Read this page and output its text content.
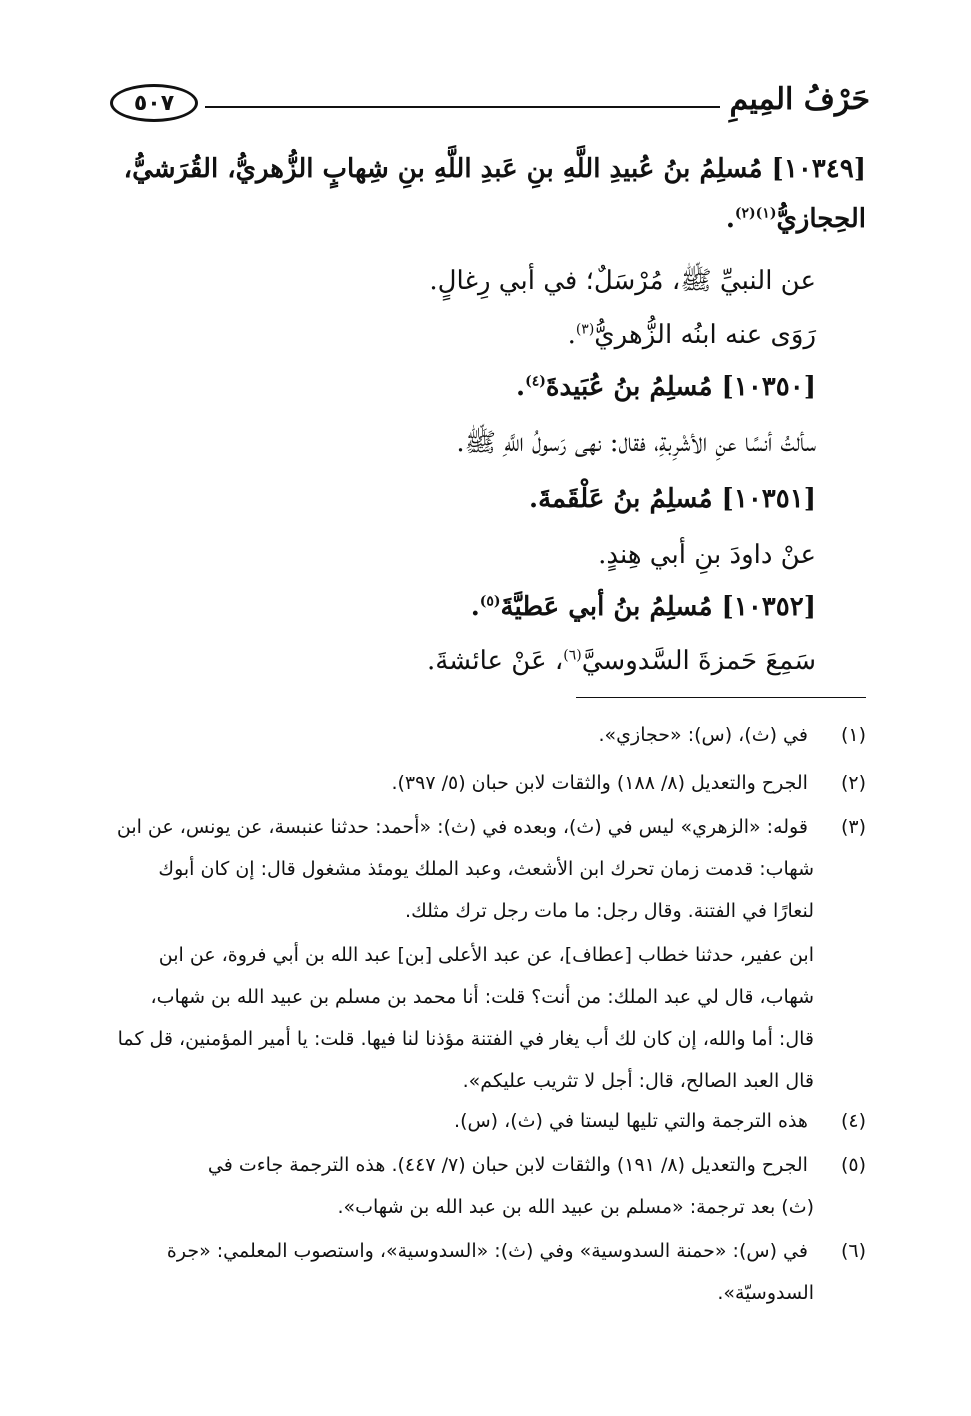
حَرْفُ المِيمِ
٥٠٧
[١٠٣٤٩] مُسلِمُ بنُ عُبيدِ اللَّهِ بنِ عَبدِ اللَّهِ بنِ شِهابٍ الزُّهريُّ، القُرَشيُّ،
الحِجازيُّ$^{(١)(٢)}$.
عن النبيِّ ﷺ، مُرْسَلٌ؛ في أبي رِغالٍ.
رَوَى عنه ابنُه الزُّهريُّ$^{(٣)}$.
[١٠٣٥٠] مُسلِمُ بنُ عُبَيدةَ$^{(٤)}$.
سألتُ أنسًا عنِ الأشْرِبةِ، فقال: نهى رَسولُ اللَّهِ ﷺ.
[١٠٣٥١] مُسلِمُ بنُ عَلْقَمةَ.
عنْ داودَ بنِ أبي هِندٍ.
[١٠٣٥٢] مُسلِمُ بنُ أبي عَطيَّةَ$^{(٥)}$.
سَمِعَ حَمزةَ السَّدوسيَّ$^{(٦)}$، عَنْ عائشةَ.
(١) في (ث)، (س): «حجازي».
(٢) الجرح والتعديل (٨/ ١٨٨) والثقات لابن حبان (٥/ ٣٩٧).
(٣) قوله: «الزهري» ليس في (ث)، وبعده في (ث): «أحمد: حدثنا عنبسة، عن يونس، عن ابن
شهاب: قدمت زمان تحرك ابن الأشعث، وعبد الملك يومئذ مشغول قال: إن كان أبوك
لنعارًا في الفتنة. وقال رجل: ما مات رجل ترك مثلك.
ابن عفير، حدثنا خطاب [عطاف]، عن عبد الأعلى [بن] عبد الله بن أبي فروة، عن ابن
شهاب، قال لي عبد الملك: من أنت؟ قلت: أنا محمد بن مسلم بن عبيد الله بن شهاب،
قال: أما والله، إن كان لك أب يغار في الفتنة مؤذنا لنا فيها. قلت: يا أمير المؤمنين، قل كما
قال العبد الصالح، قال: أجل لا تثريب عليكم».
(٤) هذه الترجمة والتي تليها ليستا في (ث)، (س).
(٥) الجرح والتعديل (٨/ ١٩١) والثقات لابن حبان (٧/ ٤٤٧). هذه الترجمة جاءت في
(ث) بعد ترجمة: «مسلم بن عبيد الله بن عبد الله بن شهاب».
(٦) في (س): «حمنة السدوسية» وفي (ث): «السدوسية»، واستصوب المعلمي: «جرة
السدوسيّة».
